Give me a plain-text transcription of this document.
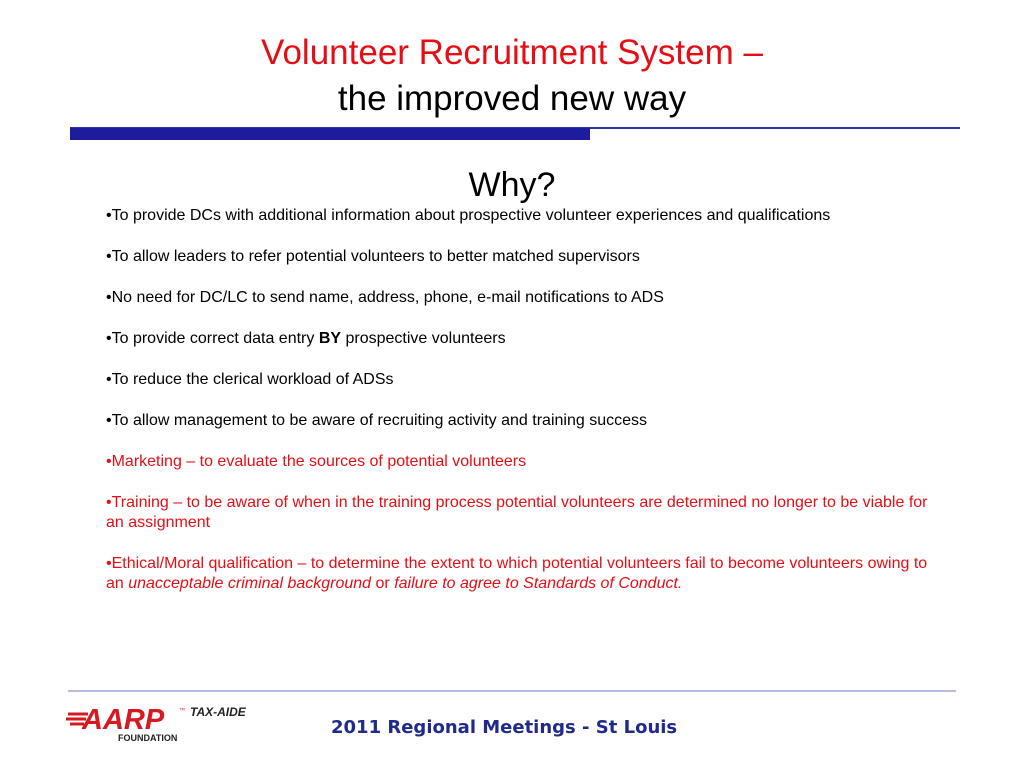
Volunteer Recruitment System –
the improved new way
Why?
•To provide DCs with additional information about prospective volunteer experiences and qualifications
•To allow leaders to refer potential volunteers to better matched supervisors
•No need for DC/LC to send name, address, phone, e-mail notifications to ADS
•To provide correct data entry BY prospective volunteers
•To reduce the clerical workload of ADSs
•To allow management to be aware of recruiting activity and training success
•Marketing – to evaluate the sources of potential volunteers
•Training – to be aware of when in the training process potential volunteers are determined no longer to be viable for an assignment
•Ethical/Moral qualification – to determine the extent to which potential volunteers fail to become volunteers owing to an unacceptable criminal background or failure to agree to Standards of Conduct.
AARP ™ TAX-AIDE
FOUNDATION	2011 Regional Meetings - St Louis
